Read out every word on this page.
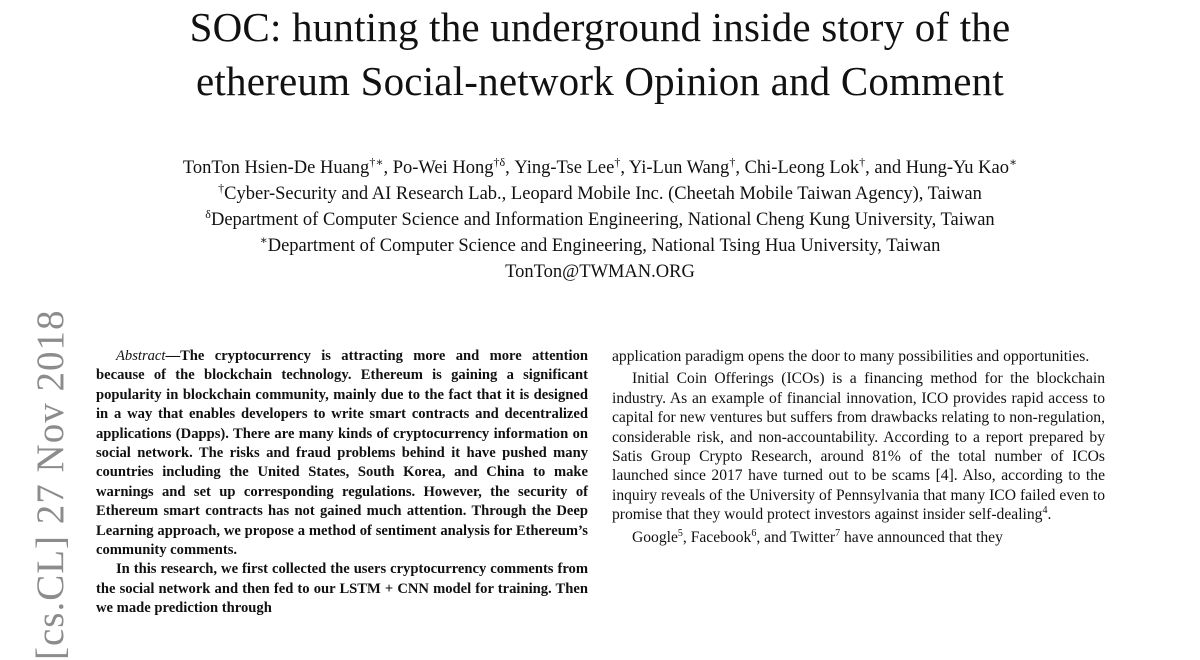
SOC: hunting the underground inside story of the
ethereum Social-network Opinion and Comment
TonTon Hsien-De Huang†∗, Po-Wei Hong$^{\dagger\delta}$, Ying-Tse Lee†, Yi-Lun Wang†, Chi-Leong Lok†, and Hung-Yu Kao∗
†Cyber-Security and AI Research Lab., Leopard Mobile Inc. (Cheetah Mobile Taiwan Agency), Taiwan
$^\delta$Department of Computer Science and Information Engineering, National Cheng Kung University, Taiwan
∗Department of Computer Science and Engineering, National Tsing Hua University, Taiwan
TonTon@TWMAN.ORG
[cs.CL] 27 Nov 2018	Abstract—The cryptocurrency is attracting more and more attention because of the blockchain technology. Ethereum is gaining a significant popularity in blockchain community, mainly due to the fact that it is designed in a way that enables developers to write smart contracts and decentralized applications (Dapps). There are many kinds of cryptocurrency information on social network. The risks and fraud problems behind it have pushed many countries including the United States, South Korea, and China to make warnings and set up corresponding regulations. However, the security of Ethereum smart contracts has not gained much attention. Through the Deep Learning approach, we propose a method of sentiment analysis for Ethereum’s community comments.

In this research, we first collected the users cryptocurrency comments from the social network and then fed to our LSTM + CNN model for training. Then we made prediction through

application paradigm opens the door to many possibilities and opportunities.

Initial Coin Offerings (ICOs) is a financing method for the blockchain industry. As an example of financial innovation, ICO provides rapid access to capital for new ventures but suffers from drawbacks relating to non-regulation, considerable risk, and non-accountability. According to a report prepared by Satis Group Crypto Research, around 81% of the total number of ICOs launched since 2017 have turned out to be scams [4]. Also, according to the inquiry reveals of the University of Pennsylvania that many ICO failed even to promise that they would protect investors against insider self-dealing$^4$.

Google$^5$, Facebook$^6$, and Twitter$^7$ have announced that they
